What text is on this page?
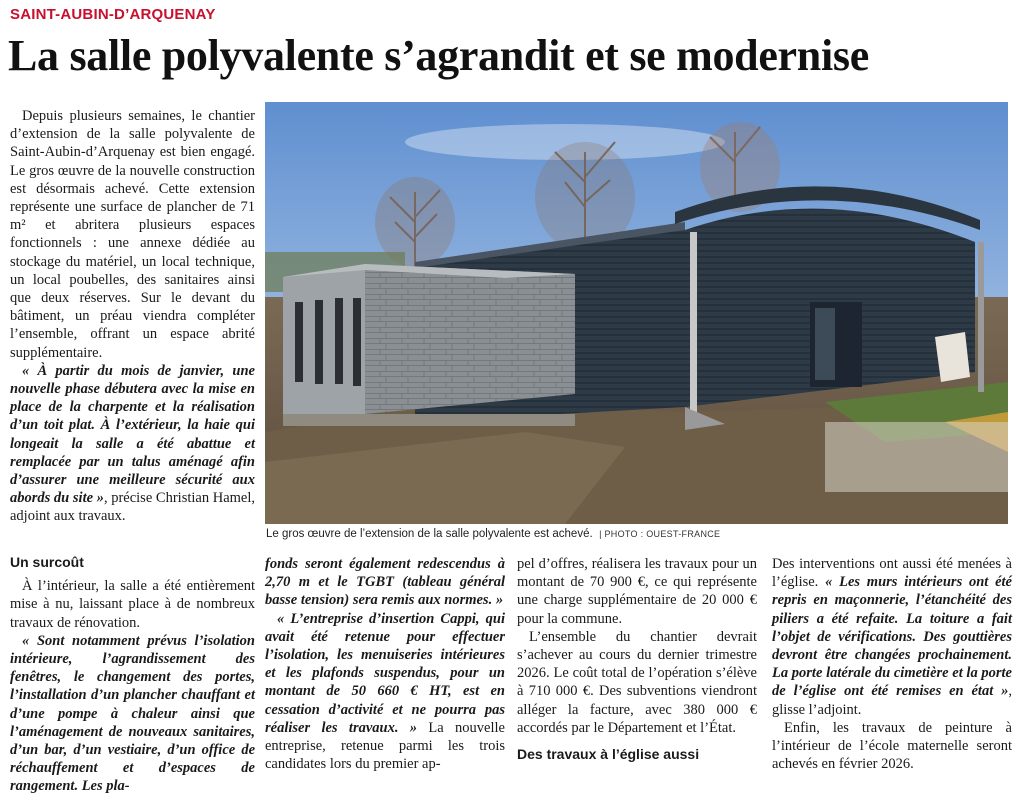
SAINT-AUBIN-D’ARQUENAY
La salle polyvalente s’agrandit et se modernise

Depuis plusieurs semaines, le chantier d’extension de la salle polyvalente de Saint-Aubin-d’Arquenay est bien engagé. Le gros œuvre de la nouvelle construction est désormais achevé. Cette extension représente une surface de plancher de 71 m² et abritera plusieurs espaces fonctionnels : une annexe dédiée au stockage du matériel, un local technique, un local poubelles, des sanitaires ainsi que deux réserves. Sur le devant du bâtiment, un préau viendra compléter l’ensemble, offrant un espace abrité supplémentaire.

« À partir du mois de janvier, une nouvelle phase débutera avec la mise en place de la charpente et la réalisation d’un toit plat. À l’extérieur, la haie qui longeait la salle a été abattue et remplacée par un talus aménagé afin d’assurer une meilleure sécurité aux abords du site », précise Christian Hamel, adjoint aux travaux.

Un surcoût

À l’intérieur, la salle a été entièrement mise à nu, laissant place à de nombreux travaux de rénovation.

« Sont notamment prévus l’isolation intérieure, l’agrandissement des fenêtres, le changement des portes, l’installation d’un plancher chauffant et d’une pompe à chaleur ainsi que l’aménagement de nouveaux sanitaires, d’un bar, d’un vestiaire, d’un office de réchauffement et d’espaces de rangement. Les pla-

Le gros œuvre de l’extension de la salle polyvalente est achevé. | PHOTO : OUEST-FRANCE

fonds seront également redescendus à 2,70 m et le TGBT (tableau général basse tension) sera remis aux normes. »

« L’entreprise d’insertion Cappi, qui avait été retenue pour effectuer l’isolation, les menuiseries intérieures et les plafonds suspendus, pour un montant de 50 660 € HT, est en cessation d’activité et ne pourra pas réaliser les travaux. » La nouvelle entreprise, retenue parmi les trois candidates lors du premier ap-

pel d’offres, réalisera les travaux pour un montant de 70 900 €, ce qui représente une charge supplémentaire de 20 000 € pour la commune.

L’ensemble du chantier devrait s’achever au cours du dernier trimestre 2026. Le coût total de l’opération s’élève à 710 000 €. Des subventions viendront alléger la facture, avec 380 000 € accordés par le Département et l’État.

Des travaux à l’église aussi

Des interventions ont aussi été menées à l’église. « Les murs intérieurs ont été repris en maçonnerie, l’étanchéité des piliers a été refaite. La toiture a fait l’objet de vérifications. Des gouttières devront être changées prochainement. La porte latérale du cimetière et la porte de l’église ont été remises en état », glisse l’adjoint.

Enfin, les travaux de peinture à l’intérieur de l’école maternelle seront achevés en février 2026.
